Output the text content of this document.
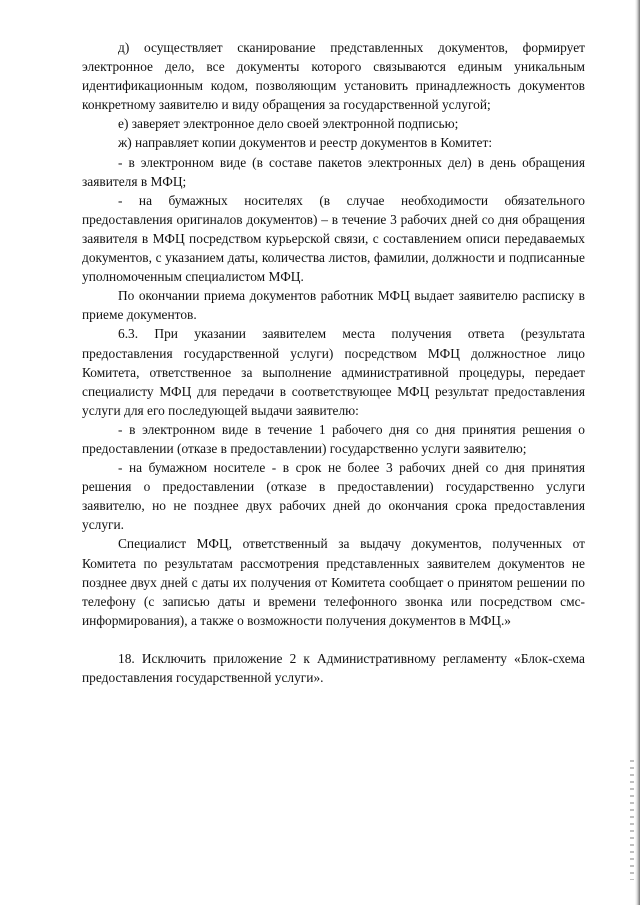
д) осуществляет сканирование представленных документов, формирует электронное дело, все документы которого связываются единым уникальным идентификационным кодом, позволяющим установить принадлежность документов конкретному заявителю и виду обращения за государственной услугой;

е) заверяет электронное дело своей электронной подписью;

ж) направляет копии документов и реестр документов в Комитет:

- в электронном виде (в составе пакетов электронных дел) в день обращения заявителя в МФЦ;

- на бумажных носителях (в случае необходимости обязательного предоставления оригиналов документов) – в течение 3 рабочих дней со дня обращения заявителя в МФЦ посредством курьерской связи, с составлением описи передаваемых документов, с указанием даты, количества листов, фамилии, должности и подписанные уполномоченным специалистом МФЦ.

По окончании приема документов работник МФЦ выдает заявителю расписку в приеме документов.

6.3. При указании заявителем места получения ответа (результата предоставления государственной услуги) посредством МФЦ должностное лицо Комитета, ответственное за выполнение административной процедуры, передает специалисту МФЦ для передачи в соответствующее МФЦ результат предоставления услуги для его последующей выдачи заявителю:

- в электронном виде в течение 1 рабочего дня со дня принятия решения о предоставлении (отказе в предоставлении) государственно услуги заявителю;

- на бумажном носителе - в срок не более 3 рабочих дней со дня принятия решения о предоставлении (отказе в предоставлении) государственно услуги заявителю, но не позднее двух рабочих дней до окончания срока предоставления услуги.

Специалист МФЦ, ответственный за выдачу документов, полученных от Комитета по результатам рассмотрения представленных заявителем документов не позднее двух дней с даты их получения от Комитета сообщает о принятом решении по телефону (с записью даты и времени телефонного звонка или посредством смс-информирования), а также о возможности получения документов в МФЦ.»

18. Исключить приложение 2 к Административному регламенту «Блок-схема предоставления государственной услуги».
